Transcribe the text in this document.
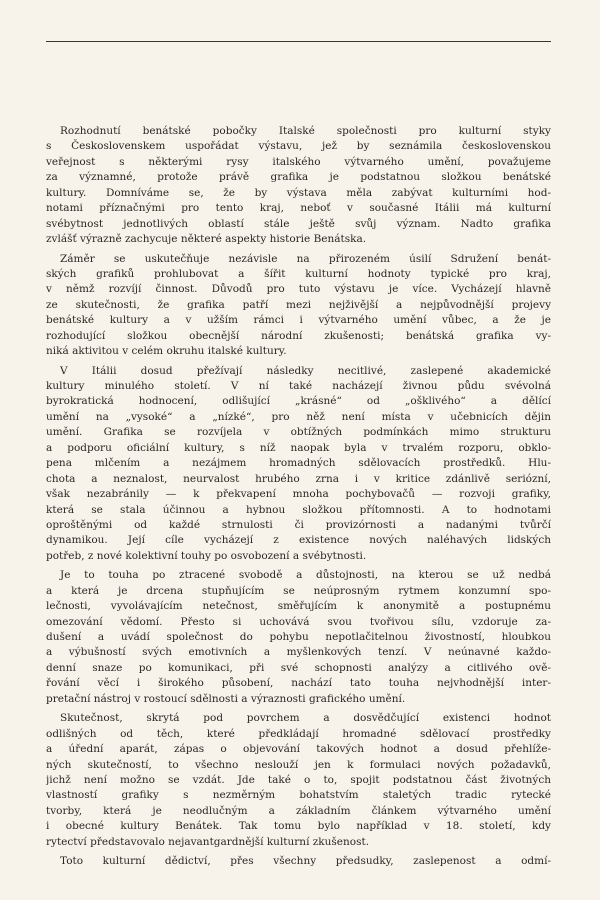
Rozhodnutí benátské pobočky Italské společnosti pro kulturní styky
s Československem uspořádat výstavu, jež by seznámila československou
veřejnost s některými rysy italského výtvarného umění, považujeme
za významné, protože právě grafika je podstatnou složkou benátské
kultury. Domníváme se, že by výstava měla zabývat kulturními hod-
notami příznačnými pro tento kraj, neboť v současné Itálii má kulturní
svébytnost jednotlivých oblastí stále ještě svůj význam. Nadto grafika
zvlášť výrazně zachycuje některé aspekty historie Benátska.
Záměr se uskutečňuje nezávisle na přirozeném úsilí Sdružení benát-
ských grafiků prohlubovat a šířit kulturní hodnoty typické pro kraj,
v němž rozvíjí činnost. Důvodů pro tuto výstavu je více. Vycházejí hlavně
ze skutečnosti, že grafika patří mezi nejživější a nejpůvodnější projevy
benátské kultury a v užším rámci i výtvarného umění vůbec, a že je
rozhodující složkou obecnější národní zkušenosti; benátská grafika vy-
niká aktivitou v celém okruhu italské kultury.
V Itálii dosud přežívají následky necitlivé, zaslepené akademické
kultury minulého století. V ní také nacházejí živnou půdu svévolná
byrokratická hodnocení, odlišující „krásné“ od „ošklivého“ a dělící
umění na „vysoké“ a „nízké“, pro něž není místa v učebnicích dějin
umění. Grafika se rozvíjela v obtížných podmínkách mimo strukturu
a podporu oficiální kultury, s níž naopak byla v trvalém rozporu, obklo-
pena mlčením a nezájmem hromadných sdělovacích prostředků. Hlu-
chota a neznalost, neurvalost hrubého zrna i v kritice zdánlivě seriózní,
však nezabránily — k překvapení mnoha pochybovačů — rozvoji grafiky,
která se stala účinnou a hybnou složkou přítomnosti. A to hodnotami
oproštěnými od každé strnulosti či provizórnosti a nadanými tvůrčí
dynamikou. Její cíle vycházejí z existence nových naléhavých lidských
potřeb, z nové kolektivní touhy po osvobození a svébytnosti.
Je to touha po ztracené svobodě a důstojnosti, na kterou se už nedbá
a která je drcena stupňujícím se neúprosným rytmem konzumní spo-
lečnosti, vyvolávajícím netečnost, směřujícím k anonymitě a postupnému
omezování vědomí. Přesto si uchovává svou tvořivou sílu, vzdoruje za-
dušení a uvádí společnost do pohybu nepotlačitelnou živostností, hloubkou
a výbušností svých emotivních a myšlenkových tenzí. V neúnavné každo-
denní snaze po komunikaci, při své schopnosti analýzy a citlivého ově-
řování věcí i širokého působení, nachází tato touha nejvhodnější inter-
pretační nástroj v rostoucí sdělnosti a výraznosti grafického umění.
Skutečnost, skrytá pod povrchem a dosvědčující existenci hodnot
odlišných od těch, které předkládají hromadné sdělovací prostředky
a úřední aparát, zápas o objevování takových hodnot a dosud přehlíže-
ných skutečností, to všechno neslouží jen k formulaci nových požadavků,
jichž není možno se vzdát. Jde také o to, spojit podstatnou část životných
vlastností grafiky s nezměrným bohatstvím staletých tradic rytecké
tvorby, která je neodlučným a základním článkem výtvarného umění
i obecné kultury Benátek. Tak tomu bylo například v 18. století, kdy
rytectví představovalo nejavantgardnější kulturní zkušenost.
Toto kulturní dědictví, přes všechny předsudky, zaslepenost a odmí-
